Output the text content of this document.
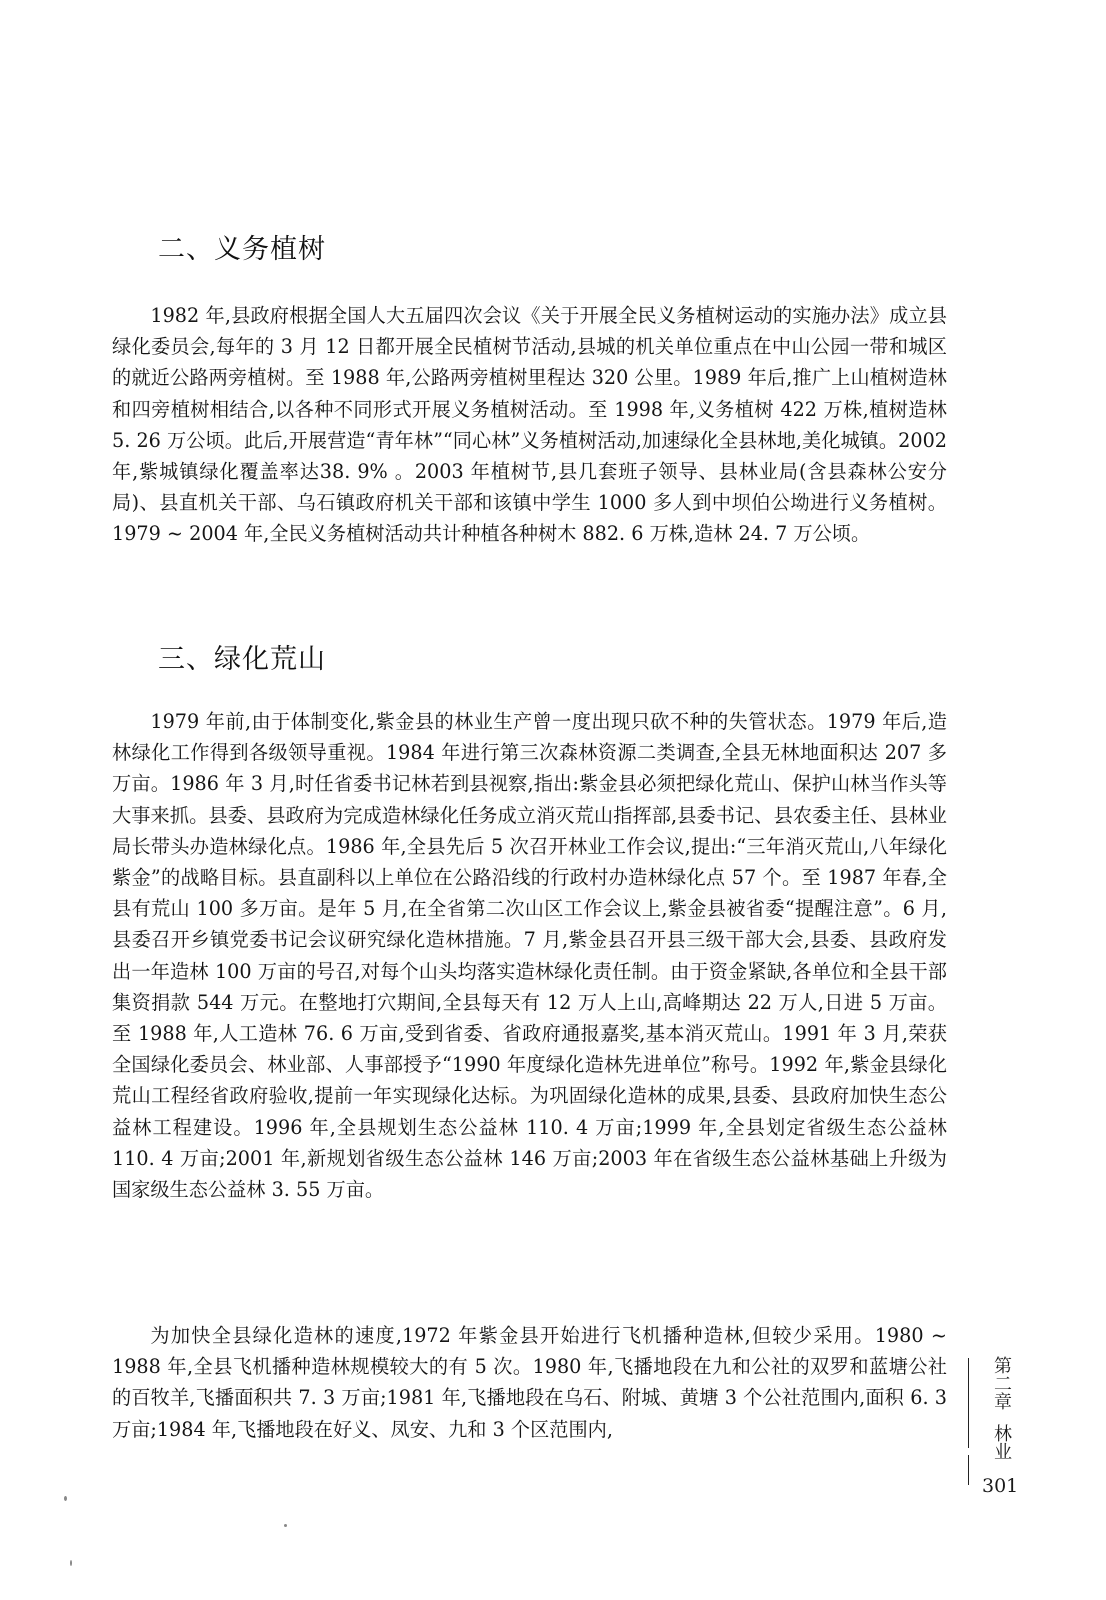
二、义务植树

1982 年,县政府根据全国人大五届四次会议《关于开展全民义务植树运动的实施办法》成立县绿化委员会,每年的 3 月 12 日都开展全民植树节活动,县城的机关单位重点在中山公园一带和城区的就近公路两旁植树。至 1988 年,公路两旁植树里程达 320 公里。1989 年后,推广上山植树造林和四旁植树相结合,以各种不同形式开展义务植树活动。至 1998 年,义务植树 422 万株,植树造林 5. 26 万公顷。此后,开展营造“青年林”“同心林”义务植树活动,加速绿化全县林地,美化城镇。2002 年,紫城镇绿化覆盖率达38. 9% 。2003 年植树节,县几套班子领导、县林业局(含县森林公安分局)、县直机关干部、乌石镇政府机关干部和该镇中学生 1000 多人到中坝伯公坳进行义务植树。1979 ~ 2004 年,全民义务植树活动共计种植各种树木 882. 6 万株,造林 24. 7 万公顷。

三、绿化荒山

1979 年前,由于体制变化,紫金县的林业生产曾一度出现只砍不种的失管状态。1979 年后,造林绿化工作得到各级领导重视。1984 年进行第三次森林资源二类调查,全县无林地面积达 207 多万亩。1986 年 3 月,时任省委书记林若到县视察,指出:紫金县必须把绿化荒山、保护山林当作头等大事来抓。县委、县政府为完成造林绿化任务成立消灭荒山指挥部,县委书记、县农委主任、县林业局长带头办造林绿化点。1986 年,全县先后 5 次召开林业工作会议,提出:“三年消灭荒山,八年绿化紫金”的战略目标。县直副科以上单位在公路沿线的行政村办造林绿化点 57 个。至 1987 年春,全县有荒山 100 多万亩。是年 5 月,在全省第二次山区工作会议上,紫金县被省委“提醒注意”。6 月,县委召开乡镇党委书记会议研究绿化造林措施。7 月,紫金县召开县三级干部大会,县委、县政府发出一年造林 100 万亩的号召,对每个山头均落实造林绿化责任制。由于资金紧缺,各单位和全县干部集资捐款 544 万元。在整地打穴期间,全县每天有 12 万人上山,高峰期达 22 万人,日进 5 万亩。至 1988 年,人工造林 76. 6 万亩,受到省委、省政府通报嘉奖,基本消灭荒山。1991 年 3 月,荣获全国绿化委员会、林业部、人事部授予“1990 年度绿化造林先进单位”称号。1992 年,紫金县绿化荒山工程经省政府验收,提前一年实现绿化达标。为巩固绿化造林的成果,县委、县政府加快生态公益林工程建设。1996 年,全县规划生态公益林 110. 4 万亩;1999 年,全县划定省级生态公益林 110. 4 万亩;2001 年,新规划省级生态公益林 146 万亩;2003 年在省级生态公益林基础上升级为国家级生态公益林 3. 55 万亩。

为加快全县绿化造林的速度,1972 年紫金县开始进行飞机播种造林,但较少采用。1980 ~ 1988 年,全县飞机播种造林规模较大的有 5 次。1980 年,飞播地段在九和公社的双罗和蓝塘公社的百牧羊,飞播面积共 7. 3 万亩;1981 年,飞播地段在乌石、附城、黄塘 3 个公社范围内,面积 6. 3 万亩;1984 年,飞播地段在好义、凤安、九和 3 个区范围内,

第二章
林业
301
